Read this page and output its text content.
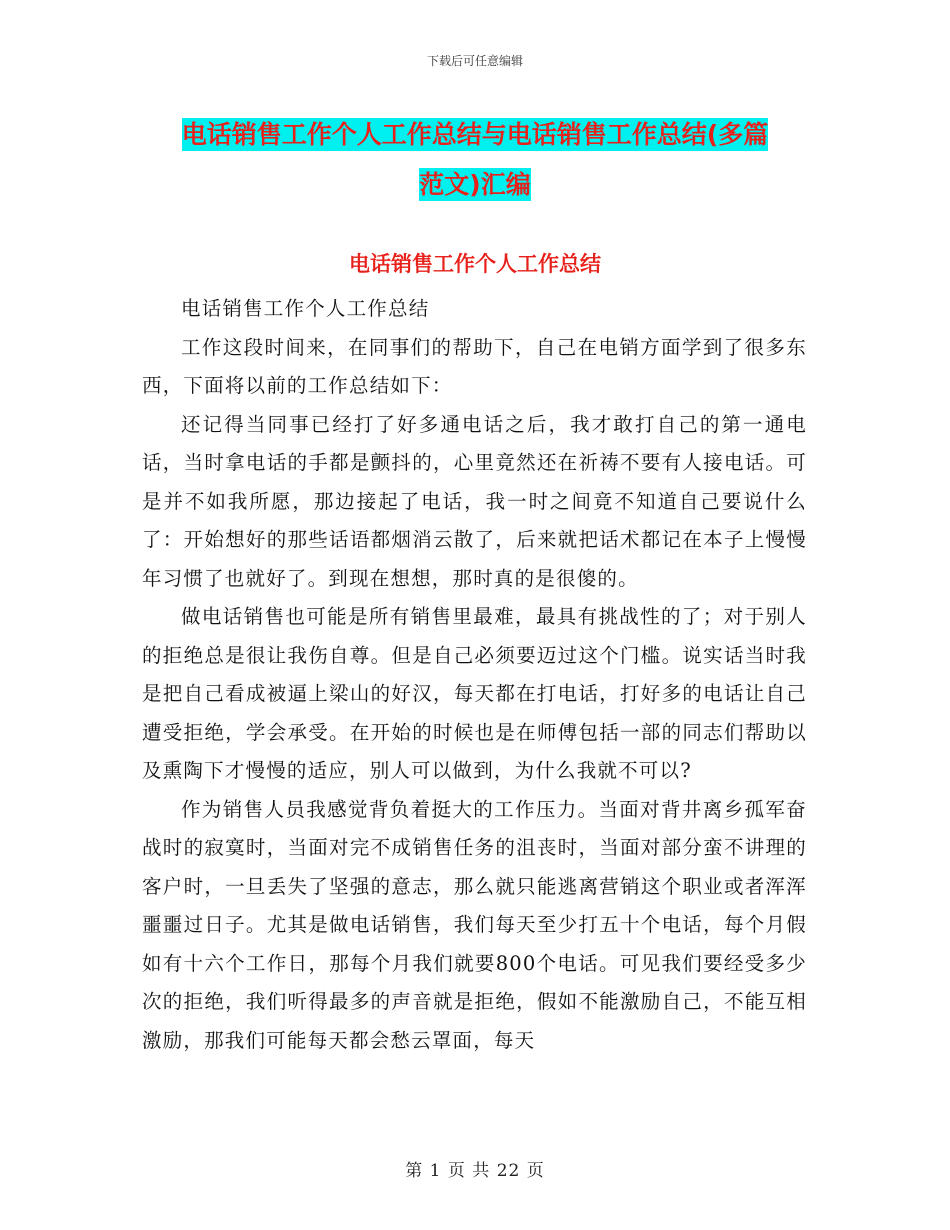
下载后可任意编辑
电话销售工作个人工作总结与电话销售工作总结(多篇
范文)汇编
电话销售工作个人工作总结

电话销售工作个人工作总结

工作这段时间来，在同事们的帮助下，自己在电销方面学到了很多东西，下面将以前的工作总结如下：

还记得当同事已经打了好多通电话之后，我才敢打自己的第一通电话，当时拿电话的手都是颤抖的，心里竟然还在祈祷不要有人接电话。可是并不如我所愿，那边接起了电话，我一时之间竟不知道自己要说什么了：开始想好的那些话语都烟消云散了，后来就把话术都记在本子上慢慢年习惯了也就好了。到现在想想，那时真的是很傻的。

做电话销售也可能是所有销售里最难，最具有挑战性的了；对于别人的拒绝总是很让我伤自尊。但是自己必须要迈过这个门槛。说实话当时我是把自己看成被逼上梁山的好汉，每天都在打电话，打好多的电话让自己遭受拒绝，学会承受。在开始的时候也是在师傅包括一部的同志们帮助以及熏陶下才慢慢的适应，别人可以做到，为什么我就不可以?

作为销售人员我感觉背负着挺大的工作压力。当面对背井离乡孤军奋战时的寂寞时，当面对完不成销售任务的沮丧时，当面对部分蛮不讲理的客户时，一旦丢失了坚强的意志，那么就只能逃离营销这个职业或者浑浑噩噩过日子。尤其是做电话销售，我们每天至少打五十个电话，每个月假如有十六个工作日，那每个月我们就要800个电话。可见我们要经受多少次的拒绝，我们听得最多的声音就是拒绝，假如不能激励自己，不能互相激励，那我们可能每天都会愁云罩面，每天

第 1 页 共 22 页
